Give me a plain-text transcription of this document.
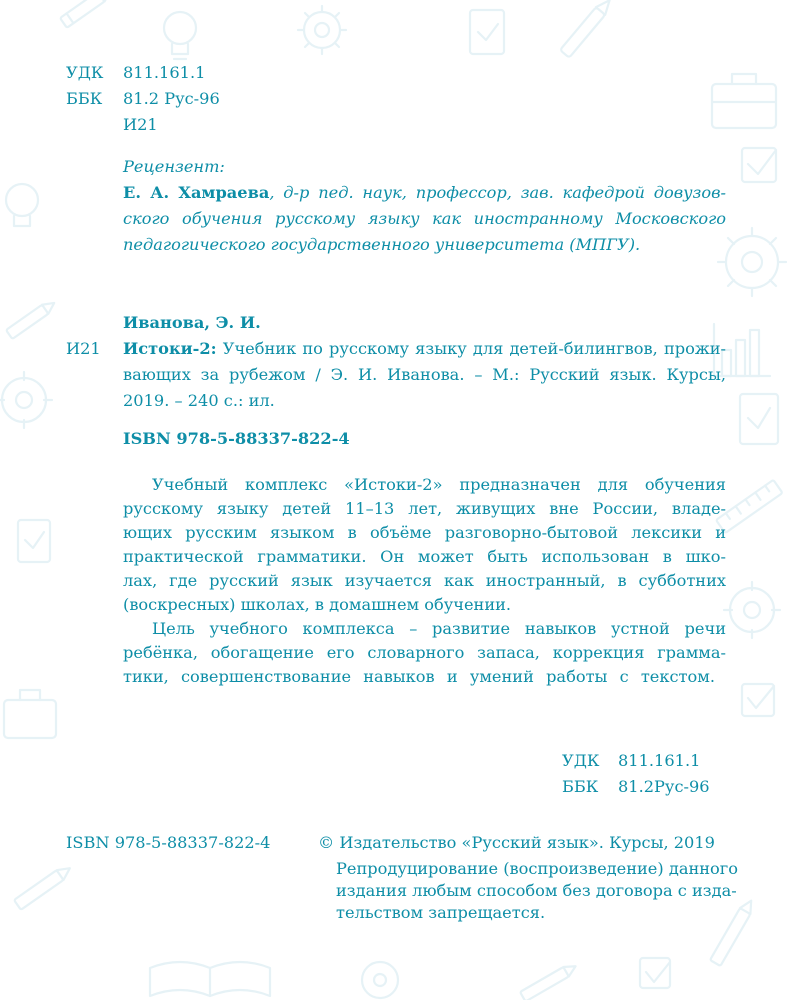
УДК 811.161.1
ББК 81.2 Рус-96
И21
Рецензент:
Е. А. Хамраева, д-р пед. наук, профессор, зав. кафедрой довузов-
ского обучения русскому языку как иностранному Московского
педагогического государственного университета (МПГУ).
Иванова, Э. И.
И21 Истоки-2: Учебник по русскому языку для детей-билингвов, прожи-
вающих за рубежом / Э. И. Иванова. – М.: Русский язык. Курсы,
2019. – 240 с.: ил.
ISBN 978-5-88337-822-4
Учебный комплекс «Истоки-2» предназначен для обучения
русскому языку детей 11–13 лет, живущих вне России, владе-
ющих русским языком в объёме разговорно-бытовой лексики и
практической грамматики. Он может быть использован в шко-
лах, где русский язык изучается как иностранный, в субботних
(воскресных) школах, в домашнем обучении.
Цель учебного комплекса – развитие навыков устной речи
ребёнка, обогащение его словарного запаса, коррекция граммa-
тики, совершенствование навыков и умений работы с текстом.
УДК 811.161.1
ББК 81.2Рус-96
ISBN 978-5-88337-822-4	© Издательство «Русский язык». Курсы, 2019
Репродуцирование (воспроизведение) данного
издания любым способом без договора с изда-
тельством запрещается.
